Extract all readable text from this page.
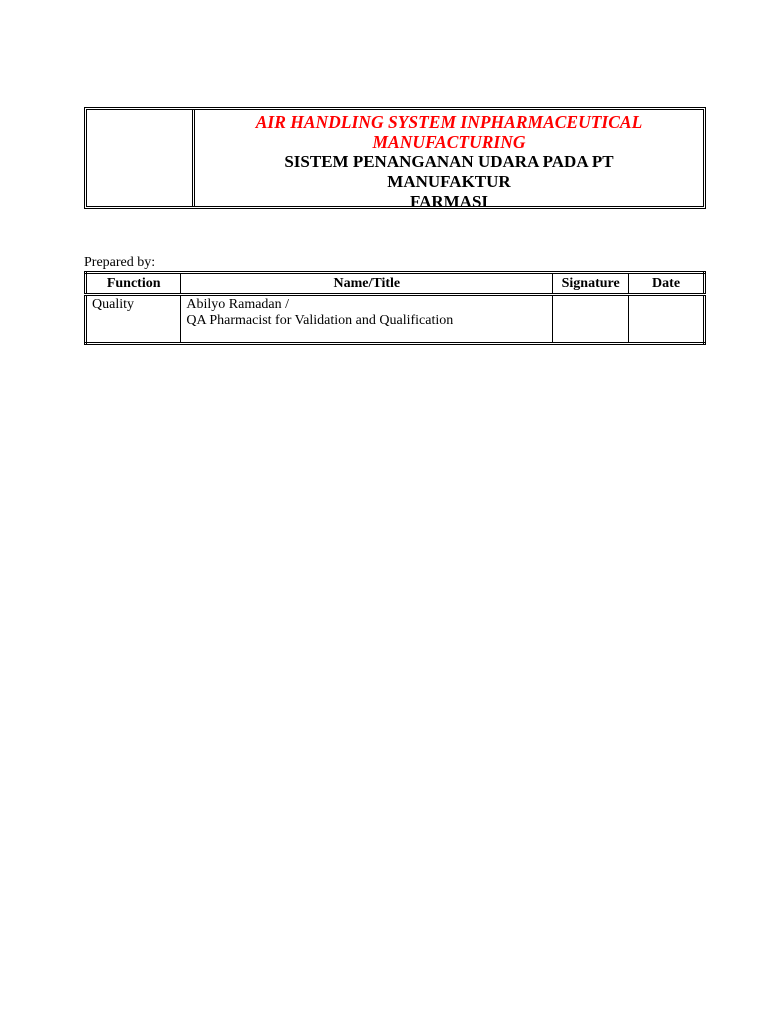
AIR HANDLING SYSTEM INPHARMACEUTICAL MANUFACTURING
SISTEM PENANGANAN UDARA PADA PT
MANUFAKTUR
FARMASI
Prepared by:
Function	Name/Title	Signature	Date
Quality	Abilyo Ramadan /
QA Pharmacist for Validation and Qualification		
